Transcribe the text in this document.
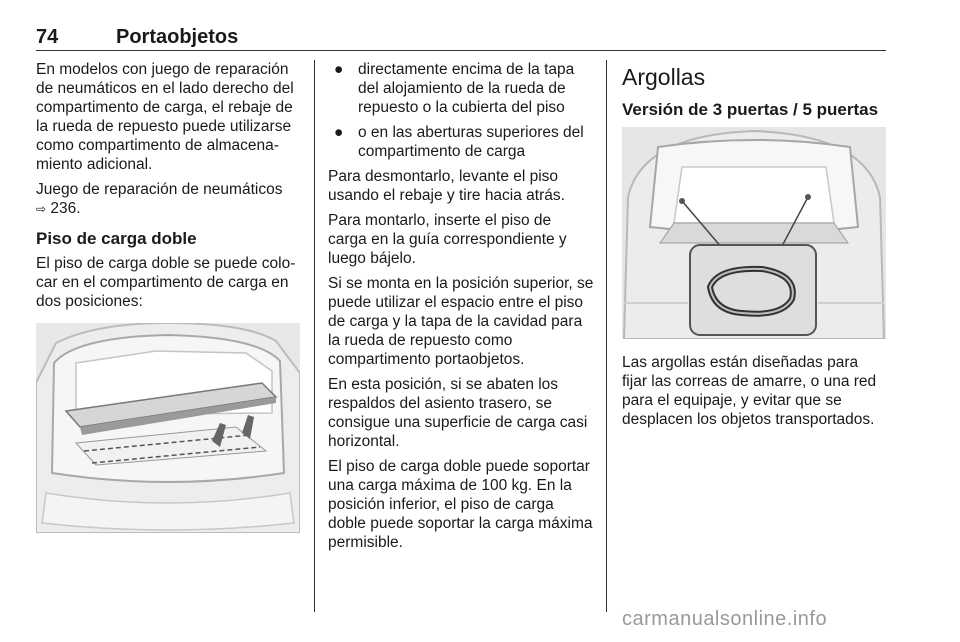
74	Portaobjetos

En modelos con juego de reparación de neumáticos en el lado derecho del compartimento de carga, el rebaje de la rueda de repuesto puede utilizarse como compartimento de almacena‐miento adicional.

Juego de reparación de neumáticos
⇨ 236.

Piso de carga doble

El piso de carga doble se puede colo‐car en el compartimento de carga en dos posiciones:

● directamente encima de la tapa del alojamiento de la rueda de repuesto o la cubierta del piso
● o en las aberturas superiores del compartimento de carga

Para desmontarlo, levante el piso usando el rebaje y tire hacia atrás.

Para montarlo, inserte el piso de carga en la guía correspondiente y luego bájelo.

Si se monta en la posición superior, se puede utilizar el espacio entre el piso de carga y la tapa de la cavidad para la rueda de repuesto como compartimento portaobjetos.

En esta posición, si se abaten los respaldos del asiento trasero, se consigue una superficie de carga casi horizontal.

El piso de carga doble puede soportar una carga máxima de 100 kg. En la posición inferior, el piso de carga doble puede soportar la carga máxima permisible.

Argollas
Versión de 3 puertas / 5 puertas

Las argollas están diseñadas para fijar las correas de amarre, o una red para el equipaje, y evitar que se desplacen los objetos transportados.

carmanualsonline.info
